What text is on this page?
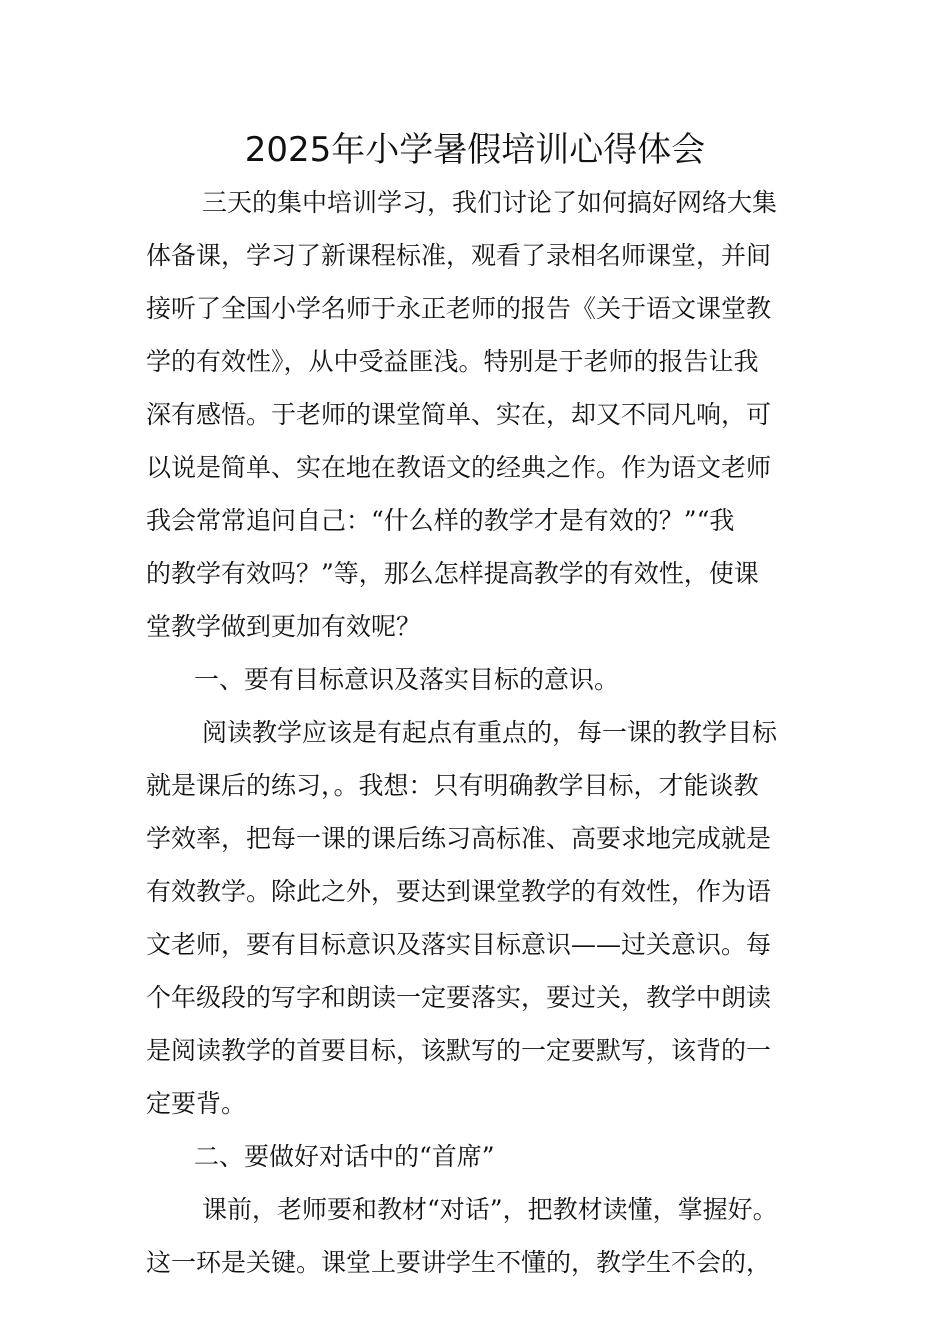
2025年小学暑假培训心得体会
三天的集中培训学习，我们讨论了如何搞好网络大集
体备课，学习了新课程标准，观看了录相名师课堂，并间
接听了全国小学名师于永正老师的报告《关于语文课堂教
学的有效性》，从中受益匪浅。特别是于老师的报告让我
深有感悟。于老师的课堂简单、实在，却又不同凡响，可
以说是简单、实在地在教语文的经典之作。作为语文老师
我会常常追问自己：“什么样的教学才是有效的？”“我
的教学有效吗？”等，那么怎样提高教学的有效性，使课
堂教学做到更加有效呢？
一、要有目标意识及落实目标的意识。
阅读教学应该是有起点有重点的，每一课的教学目标
就是课后的练习，。我想：只有明确教学目标，才能谈教
学效率，把每一课的课后练习高标准、高要求地完成就是
有效教学。除此之外，要达到课堂教学的有效性，作为语
文老师，要有目标意识及落实目标意识——过关意识。每
个年级段的写字和朗读一定要落实，要过关，教学中朗读
是阅读教学的首要目标，该默写的一定要默写，该背的一
定要背。
二、要做好对话中的“首席”
课前，老师要和教材“对话”，把教材读懂，掌握好。
这一环是关键。课堂上要讲学生不懂的，教学生不会的，
